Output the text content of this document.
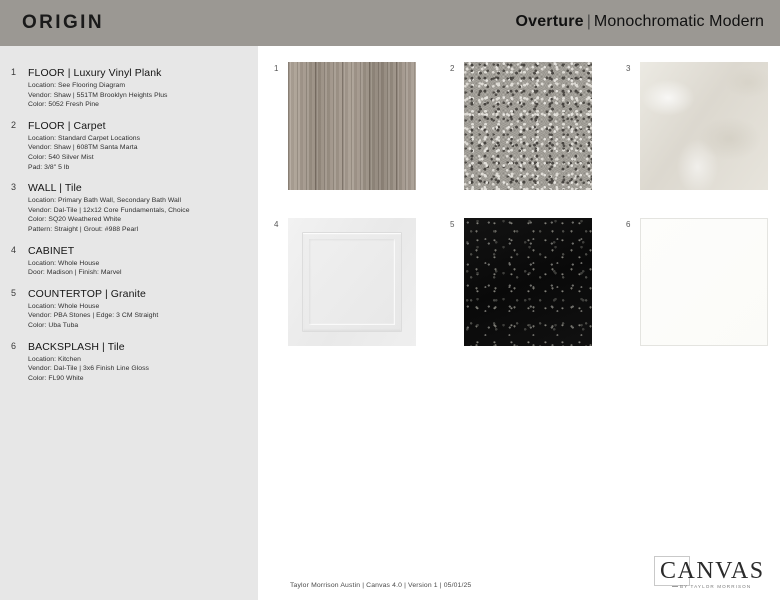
ORIGIN	Overture | Monochromatic Modern
1 FLOOR | Luxury Vinyl Plank
Location: See Flooring Diagram
Vendor: Shaw | 551TM Brooklyn Heights Plus
Color: 5052 Fresh Pine
2 FLOOR | Carpet
Location: Standard Carpet Locations
Vendor: Shaw | 608TM Santa Marta
Color: 540 Silver Mist
Pad: 3/8" 5 lb
3 WALL | Tile
Location: Primary Bath Wall, Secondary Bath Wall
Vendor: Dal-Tile | 12x12 Core Fundamentals, Choice
Color: SQ20 Weathered White
Pattern: Straight | Grout: #988 Pearl
4 CABINET
Location: Whole House
Door: Madison | Finish: Marvel
5 COUNTERTOP | Granite
Location: Whole House
Vendor: PBA Stones | Edge: 3 CM Straight
Color: Uba Tuba
6 BACKSPLASH | Tile
Location: Kitchen
Vendor: Dal-Tile | 3x6 Finish Line Gloss
Color: FL90 White
1	2	3
4	5	6
Taylor Morrison Austin | Canvas 4.0 | Version 1 | 05/01/25
CANVAS
BY TAYLOR MORRISON
